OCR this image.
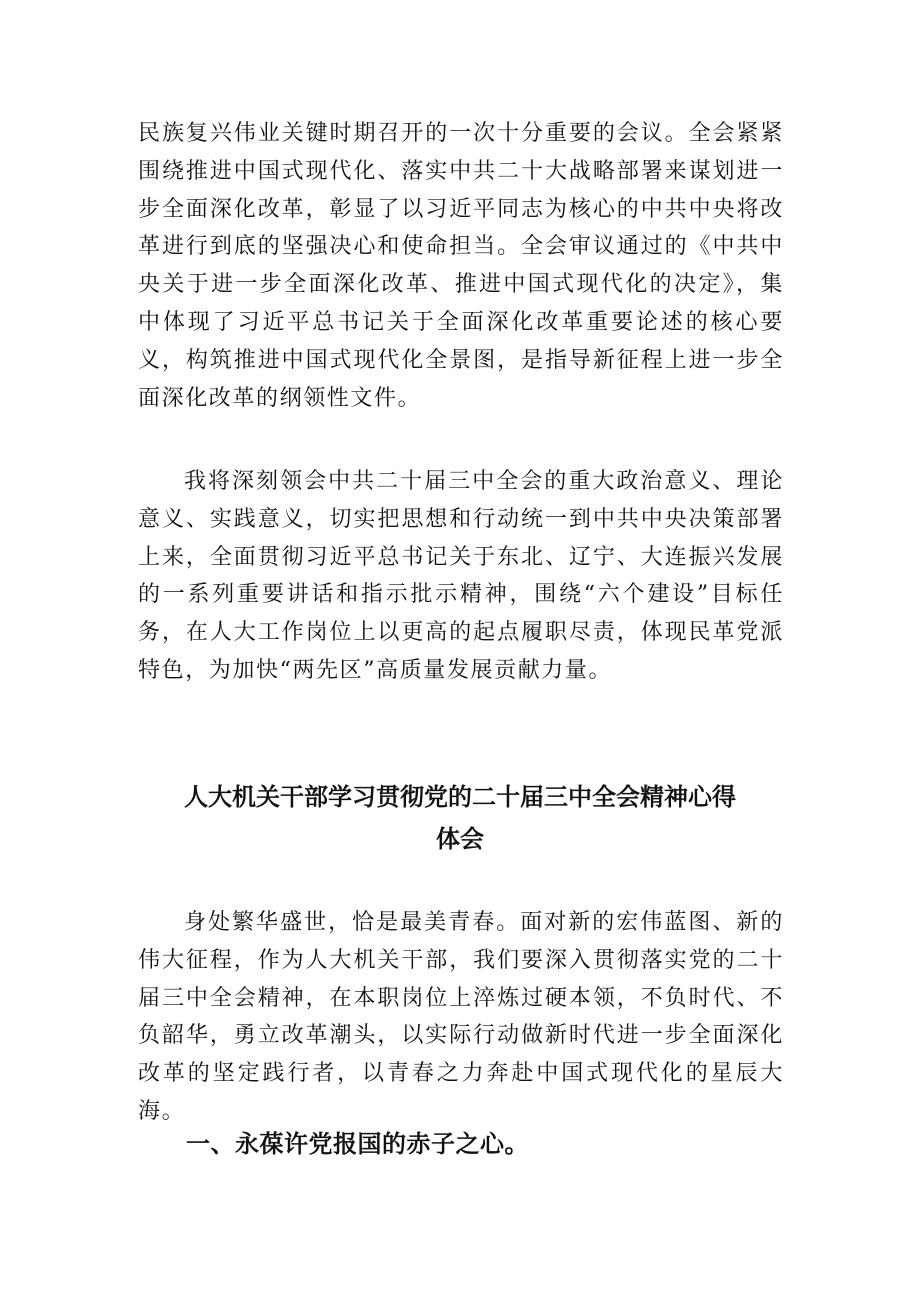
民族复兴伟业关键时期召开的一次十分重要的会议。全会紧紧围绕推进中国式现代化、落实中共二十大战略部署来谋划进一步全面深化改革，彰显了以习近平同志为核心的中共中央将改革进行到底的坚强决心和使命担当。全会审议通过的《中共中央关于进一步全面深化改革、推进中国式现代化的决定》，集中体现了习近平总书记关于全面深化改革重要论述的核心要义，构筑推进中国式现代化全景图，是指导新征程上进一步全面深化改革的纲领性文件。

我将深刻领会中共二十届三中全会的重大政治意义、理论意义、实践意义，切实把思想和行动统一到中共中央决策部署上来，全面贯彻习近平总书记关于东北、辽宁、大连振兴发展的一系列重要讲话和指示批示精神，围绕“六个建设”目标任务，在人大工作岗位上以更高的起点履职尽责，体现民革党派特色，为加快“两先区”高质量发展贡献力量。

人大机关干部学习贯彻党的二十届三中全会精神心得
体会

身处繁华盛世，恰是最美青春。面对新的宏伟蓝图、新的伟大征程，作为人大机关干部，我们要深入贯彻落实党的二十届三中全会精神，在本职岗位上淬炼过硬本领，不负时代、不负韶华，勇立改革潮头，以实际行动做新时代进一步全面深化改革的坚定践行者，以青春之力奔赴中国式现代化的星辰大海。

一、永葆许党报国的赤子之心。
